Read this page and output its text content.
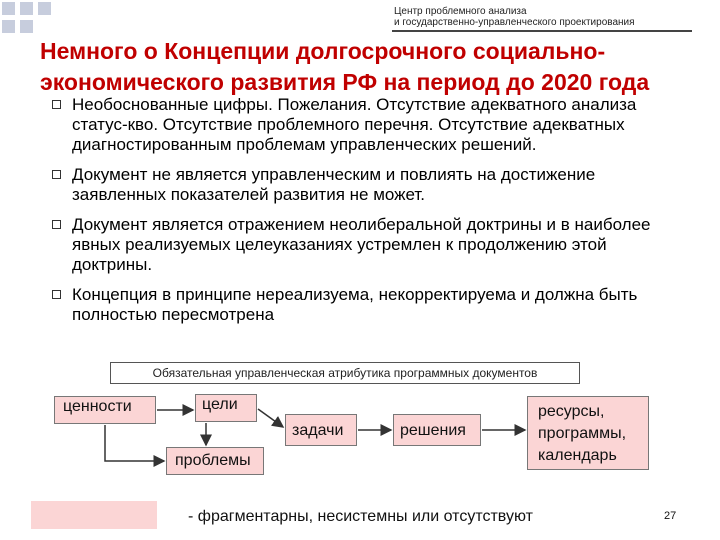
Центр проблемного анализа
и государственно-управленческого проектирования
Немного о Концепции долгосрочного социально-экономического развития РФ на период до 2020 года
Необоснованные цифры. Пожелания. Отсутствие адекватного анализа статус-кво. Отсутствие проблемного перечня. Отсутствие адекватных диагностированным проблемам управленческих решений.
Документ не является управленческим и повлиять на достижение заявленных показателей развития не может.
Документ является отражением неолиберальной доктрины и в наиболее явных реализуемых целеуказаниях устремлен к продолжению этой доктрины.
Концепция в принципе нереализуема, некорректируема и должна быть полностью пересмотрена
Обязательная управленческая атрибутика программных документов
ценности	цели
задачи	решения
ресурсы,
программы,
календарь
проблемы
- фрагментарны, несистемны или отсутствуют	27
